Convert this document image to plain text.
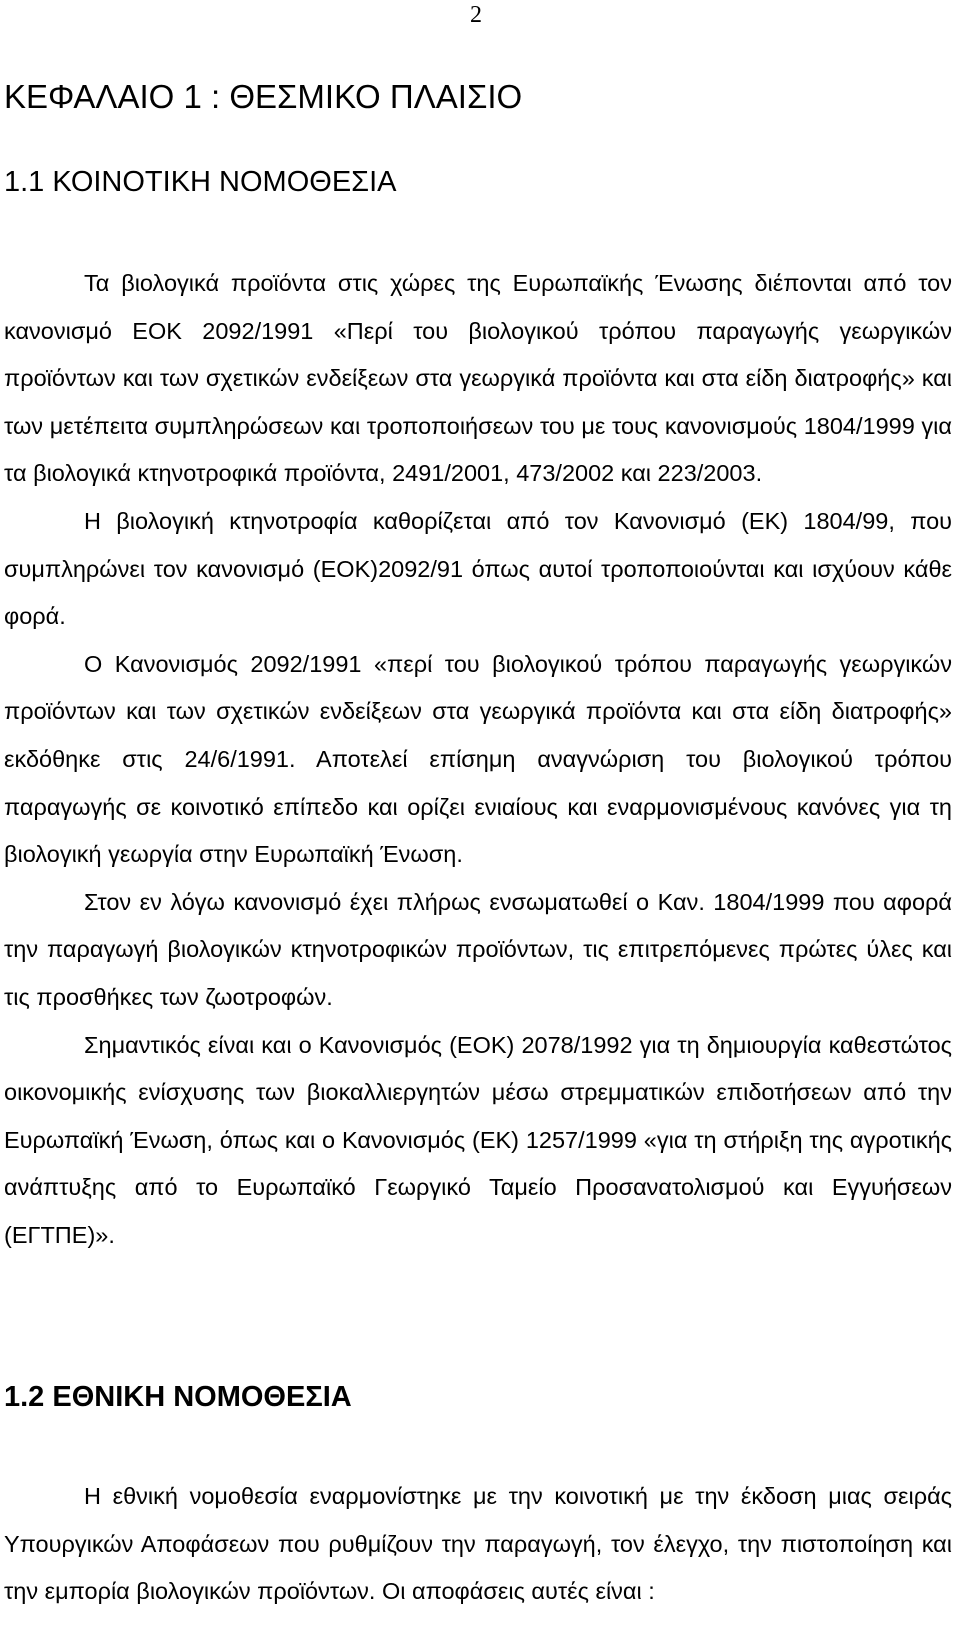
2
ΚΕΦΑΛΑΙΟ 1 : ΘΕΣΜΙΚΟ ΠΛΑΙΣΙΟ
1.1 ΚΟΙΝΟΤΙΚΗ ΝΟΜΟΘΕΣΙΑ

Τα βιολογικά προϊόντα στις χώρες της Ευρωπαϊκής Ένωσης διέπονται από τον κανονισμό ΕΟΚ 2092/1991 «Περί του βιολογικού τρόπου παραγωγής γεωργικών προϊόντων και των σχετικών ενδείξεων στα γεωργικά προϊόντα και στα είδη διατροφής» και των μετέπειτα συμπληρώσεων και τροποποιήσεων του με τους κανονισμούς 1804/1999 για τα βιολογικά κτηνοτροφικά προϊόντα, 2491/2001, 473/2002 και 223/2003.

Η βιολογική κτηνοτροφία καθορίζεται από τον Κανονισμό (ΕΚ) 1804/99, που συμπληρώνει τον κανονισμό (ΕΟΚ)2092/91 όπως αυτοί τροποποιούνται και ισχύουν κάθε φορά.

Ο Κανονισμός 2092/1991 «περί του βιολογικού τρόπου παραγωγής γεωργικών προϊόντων και των σχετικών ενδείξεων στα γεωργικά προϊόντα και στα είδη διατροφής» εκδόθηκε στις 24/6/1991. Αποτελεί επίσημη αναγνώριση του βιολογικού τρόπου παραγωγής σε κοινοτικό επίπεδο και ορίζει ενιαίους και εναρμονισμένους κανόνες για τη βιολογική γεωργία στην Ευρωπαϊκή Ένωση.

Στον εν λόγω κανονισμό έχει πλήρως ενσωματωθεί ο Καν. 1804/1999 που αφορά την παραγωγή βιολογικών κτηνοτροφικών προϊόντων, τις επιτρεπόμενες πρώτες ύλες και τις προσθήκες των ζωοτροφών.

Σημαντικός είναι και ο Κανονισμός (ΕΟΚ) 2078/1992 για τη δημιουργία καθεστώτος οικονομικής ενίσχυσης των βιοκαλλιεργητών μέσω στρεμματικών επιδοτήσεων από την Ευρωπαϊκή Ένωση, όπως και ο Κανονισμός (ΕΚ) 1257/1999 «για τη στήριξη της αγροτικής ανάπτυξης από το Ευρωπαϊκό Γεωργικό Ταμείο Προσανατολισμού και Εγγυήσεων (ΕΓΤΠΕ)».

1.2 ΕΘΝΙΚΗ ΝΟΜΟΘΕΣΙΑ

Η εθνική νομοθεσία εναρμονίστηκε με την κοινοτική με την έκδοση μιας σειράς Υπουργικών Αποφάσεων που ρυθμίζουν την παραγωγή, τον έλεγχο, την πιστοποίηση και την εμπορία βιολογικών προϊόντων. Οι αποφάσεις αυτές είναι :
